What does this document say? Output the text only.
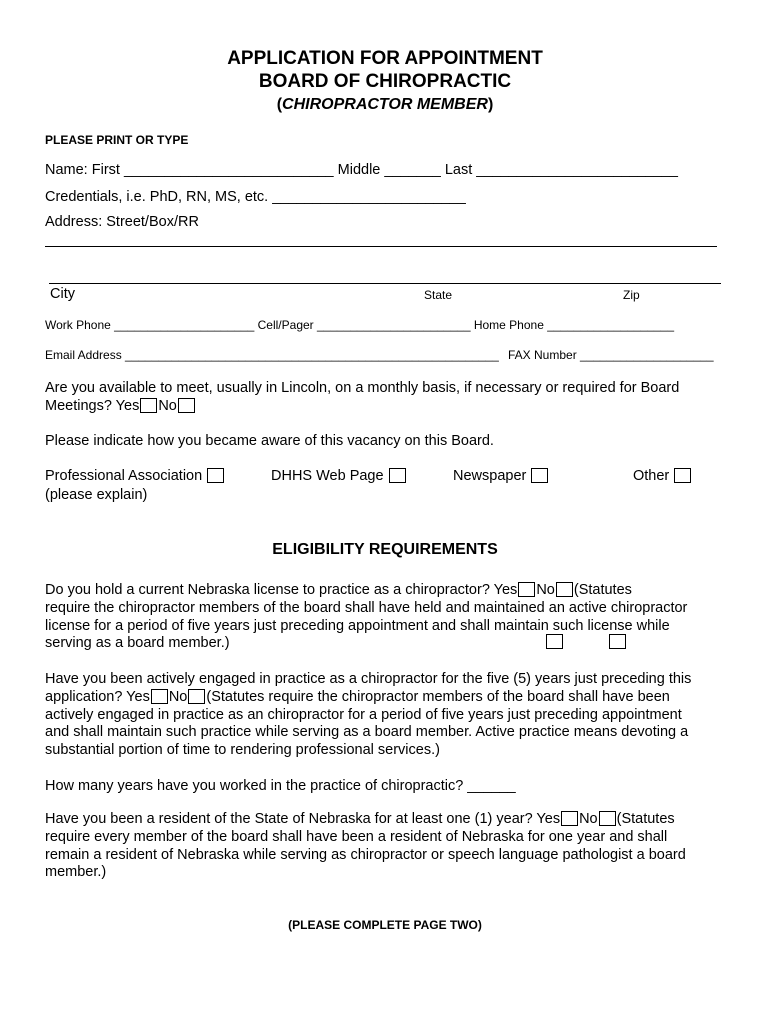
APPLICATION FOR APPOINTMENT
BOARD OF CHIROPRACTIC
(CHIROPRACTOR MEMBER)
PLEASE PRINT OR TYPE
Name: First __________________________ Middle _______ Last _________________________
Credentials, i.e. PhD, RN, MS, etc. ________________________
Address: Street/Box/RR
City	State	Zip
Work Phone _____________________ Cell/Pager _______________________ Home Phone ___________________
Email Address ________________________________________________________ FAX Number ____________________
Are you available to meet, usually in Lincoln, on a monthly basis, if necessary or required for Board
Meetings? Yes No
Please indicate how you became aware of this vacancy on this Board.
Professional Association	DHHS Web Page	Newspaper	Other
(please explain)
ELIGIBILITY REQUIREMENTS
Do you hold a current Nebraska license to practice as a chiropractor? Yes No (Statutes
require the chiropractor members of the board shall have held and maintained an active chiropractor
license for a period of five years just preceding appointment and shall maintain such license while
serving as a board member.)
Have you been actively engaged in practice as a chiropractor for the five (5) years just preceding this
application? Yes No (Statutes require the chiropractor members of the board shall have been
actively engaged in practice as an chiropractor for a period of five years just preceding appointment
and shall maintain such practice while serving as a board member. Active practice means devoting a
substantial portion of time to rendering professional services.)
How many years have you worked in the practice of chiropractic? ______
Have you been a resident of the State of Nebraska for at least one (1) year? Yes No (Statutes
require every member of the board shall have been a resident of Nebraska for one year and shall
remain a resident of Nebraska while serving as chiropractor or speech language pathologist a board
member.)
(PLEASE COMPLETE PAGE TWO)
